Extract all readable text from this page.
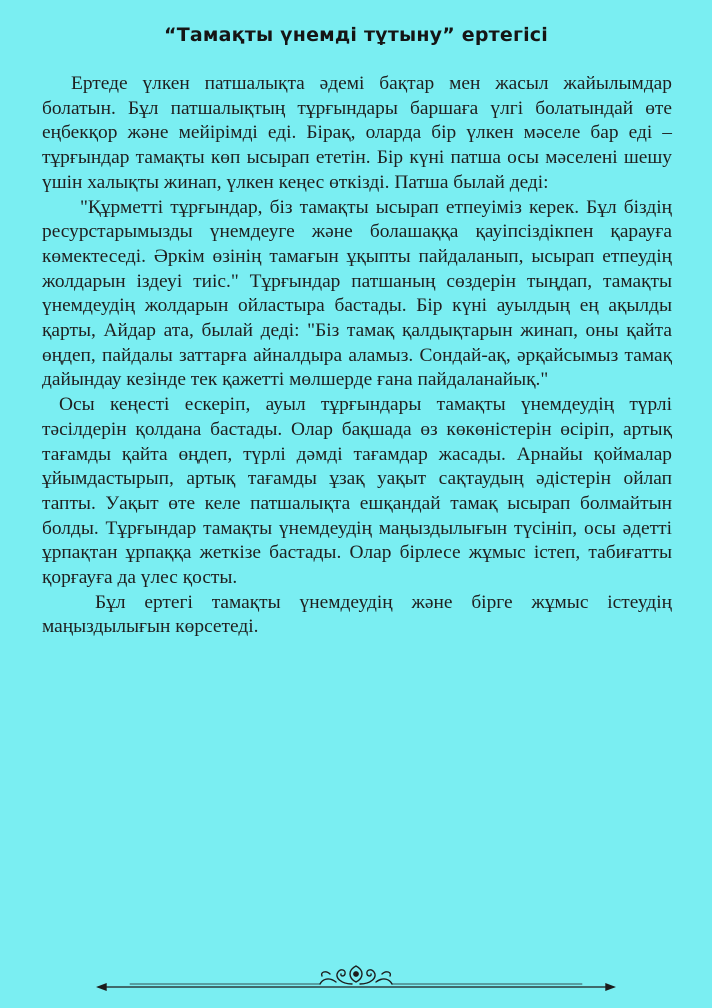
“Тамақты үнемді тұтыну” ертегісі

Ертеде үлкен патшалықта әдемі бақтар мен жасыл жайылымдар болатын. Бұл патшалықтың тұрғындары баршаға үлгі болатындай өте еңбекқор және мейірімді еді. Бірақ, оларда бір үлкен мәселе бар еді – тұрғындар тамақты көп ысырап ететін. Бір күні патша осы мәселені шешу үшін халықты жинап, үлкен кеңес өткізді. Патша былай деді:

"Құрметті тұрғындар, біз тамақты ысырап етпеуіміз керек. Бұл біздің ресурстарымызды үнемдеуге және болашаққа қауіпсіздікпен қарауға көмектеседі. Әркім өзінің тамағын ұқыпты пайдаланып, ысырап етпеудің жолдарын іздеуі тиіс." Тұрғындар патшаның сөздерін тыңдап, тамақты үнемдеудің жолдарын ойластыра бастады. Бір күні ауылдың ең ақылды қарты, Айдар ата, былай деді: "Біз тамақ қалдықтарын жинап, оны қайта өңдеп, пайдалы заттарға айналдыра аламыз. Сондай-ақ, әрқайсымыз тамақ дайындау кезінде тек қажетті мөлшерде ғана пайдаланайық."

Осы кеңесті ескеріп, ауыл тұрғындары тамақты үнемдеудің түрлі тәсілдерін қолдана бастады. Олар бақшада өз көкөністерін өсіріп, артық тағамды қайта өңдеп, түрлі дәмді тағамдар жасады. Арнайы қоймалар ұйымдастырып, артық тағамды ұзақ уақыт сақтаудың әдістерін ойлап тапты. Уақыт өте келе патшалықта ешқандай тамақ ысырап болмайтын болды. Тұрғындар тамақты үнемдеудің маңыздылығын түсініп, осы әдетті ұрпақтан ұрпаққа жеткізе бастады. Олар бірлесе жұмыс істеп, табиғатты қорғауға да үлес қосты.

Бұл ертегі тамақты үнемдеудің және бірге жұмыс істеудің маңыздылығын көрсетеді.
